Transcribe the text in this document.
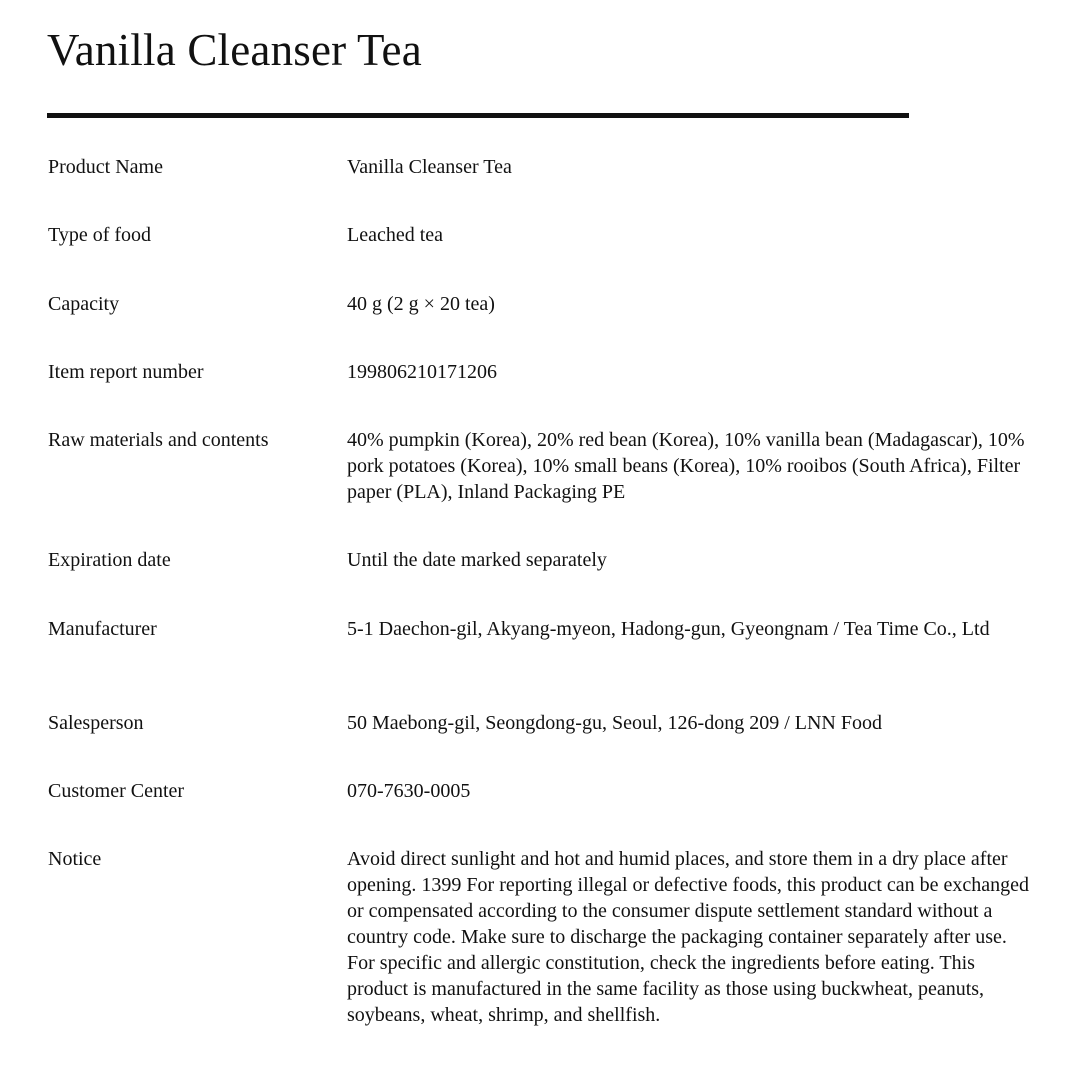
Vanilla Cleanser Tea
Product Name	Vanilla Cleanser Tea
Type of food	Leached tea
Capacity	40 g (2 g × 20 tea)
Item report number	199806210171206
Raw materials and contents	40% pumpkin (Korea), 20% red bean (Korea), 10% vanilla bean (Madagascar), 10% pork potatoes (Korea), 10% small beans (Korea), 10% rooibos (South Africa), Filter paper (PLA), Inland Packaging PE
Expiration date	Until the date marked separately
Manufacturer	5-1 Daechon-gil, Akyang-myeon, Hadong-gun, Gyeongnam / Tea Time Co., Ltd
Salesperson	50 Maebong-gil, Seongdong-gu, Seoul, 126-dong 209 / LNN Food
Customer Center	070-7630-0005
Notice	Avoid direct sunlight and hot and humid places, and store them in a dry place after opening. 1399 For reporting illegal or defective foods, this product can be exchanged or compensated according to the consumer dispute settlement standard without a country code. Make sure to discharge the packaging container separately after use. For specific and allergic constitution, check the ingredients before eating. This product is manufactured in the same facility as those using buckwheat, peanuts, soybeans, wheat, shrimp, and shellfish.
